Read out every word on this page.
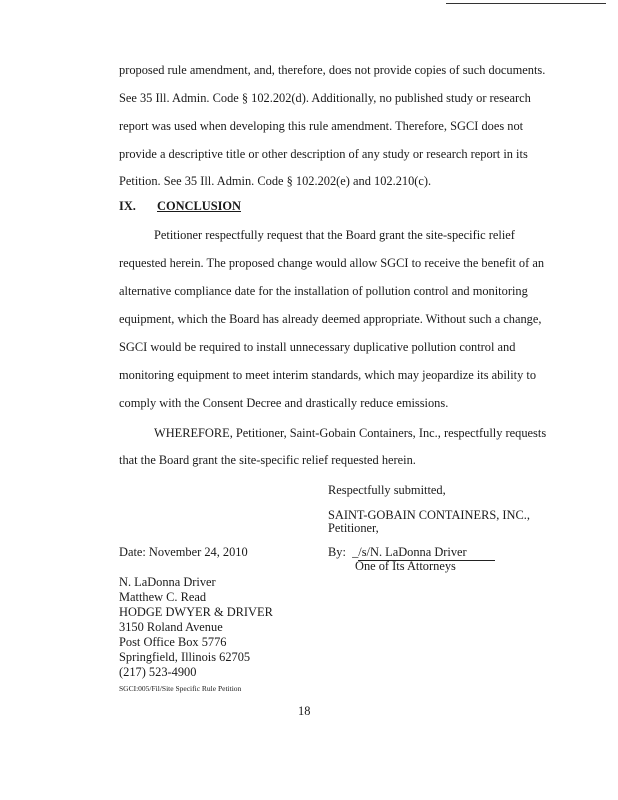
proposed rule amendment, and, therefore, does not provide copies of such documents.
See 35 Ill. Admin. Code § 102.202(d). Additionally, no published study or research
report was used when developing this rule amendment. Therefore, SGCI does not
provide a descriptive title or other description of any study or research report in its
Petition. See 35 Ill. Admin. Code § 102.202(e) and 102.210(c).
IX. CONCLUSION
Petitioner respectfully request that the Board grant the site-specific relief
requested herein. The proposed change would allow SGCI to receive the benefit of an
alternative compliance date for the installation of pollution control and monitoring
equipment, which the Board has already deemed appropriate. Without such a change,
SGCI would be required to install unnecessary duplicative pollution control and
monitoring equipment to meet interim standards, which may jeopardize its ability to
comply with the Consent Decree and drastically reduce emissions.
WHEREFORE, Petitioner, Saint-Gobain Containers, Inc., respectfully requests
that the Board grant the site-specific relief requested herein.
Respectfully submitted,
SAINT-GOBAIN CONTAINERS, INC.,
Petitioner,
Date: November 24, 2010	By:  _/s/N. LaDonna Driver
One of Its Attorneys
N. LaDonna Driver
Matthew C. Read
HODGE DWYER & DRIVER
3150 Roland Avenue
Post Office Box 5776
Springfield, Illinois 62705
(217) 523-4900
SGCI:005/Fil/Site Specific Rule Petition
18
